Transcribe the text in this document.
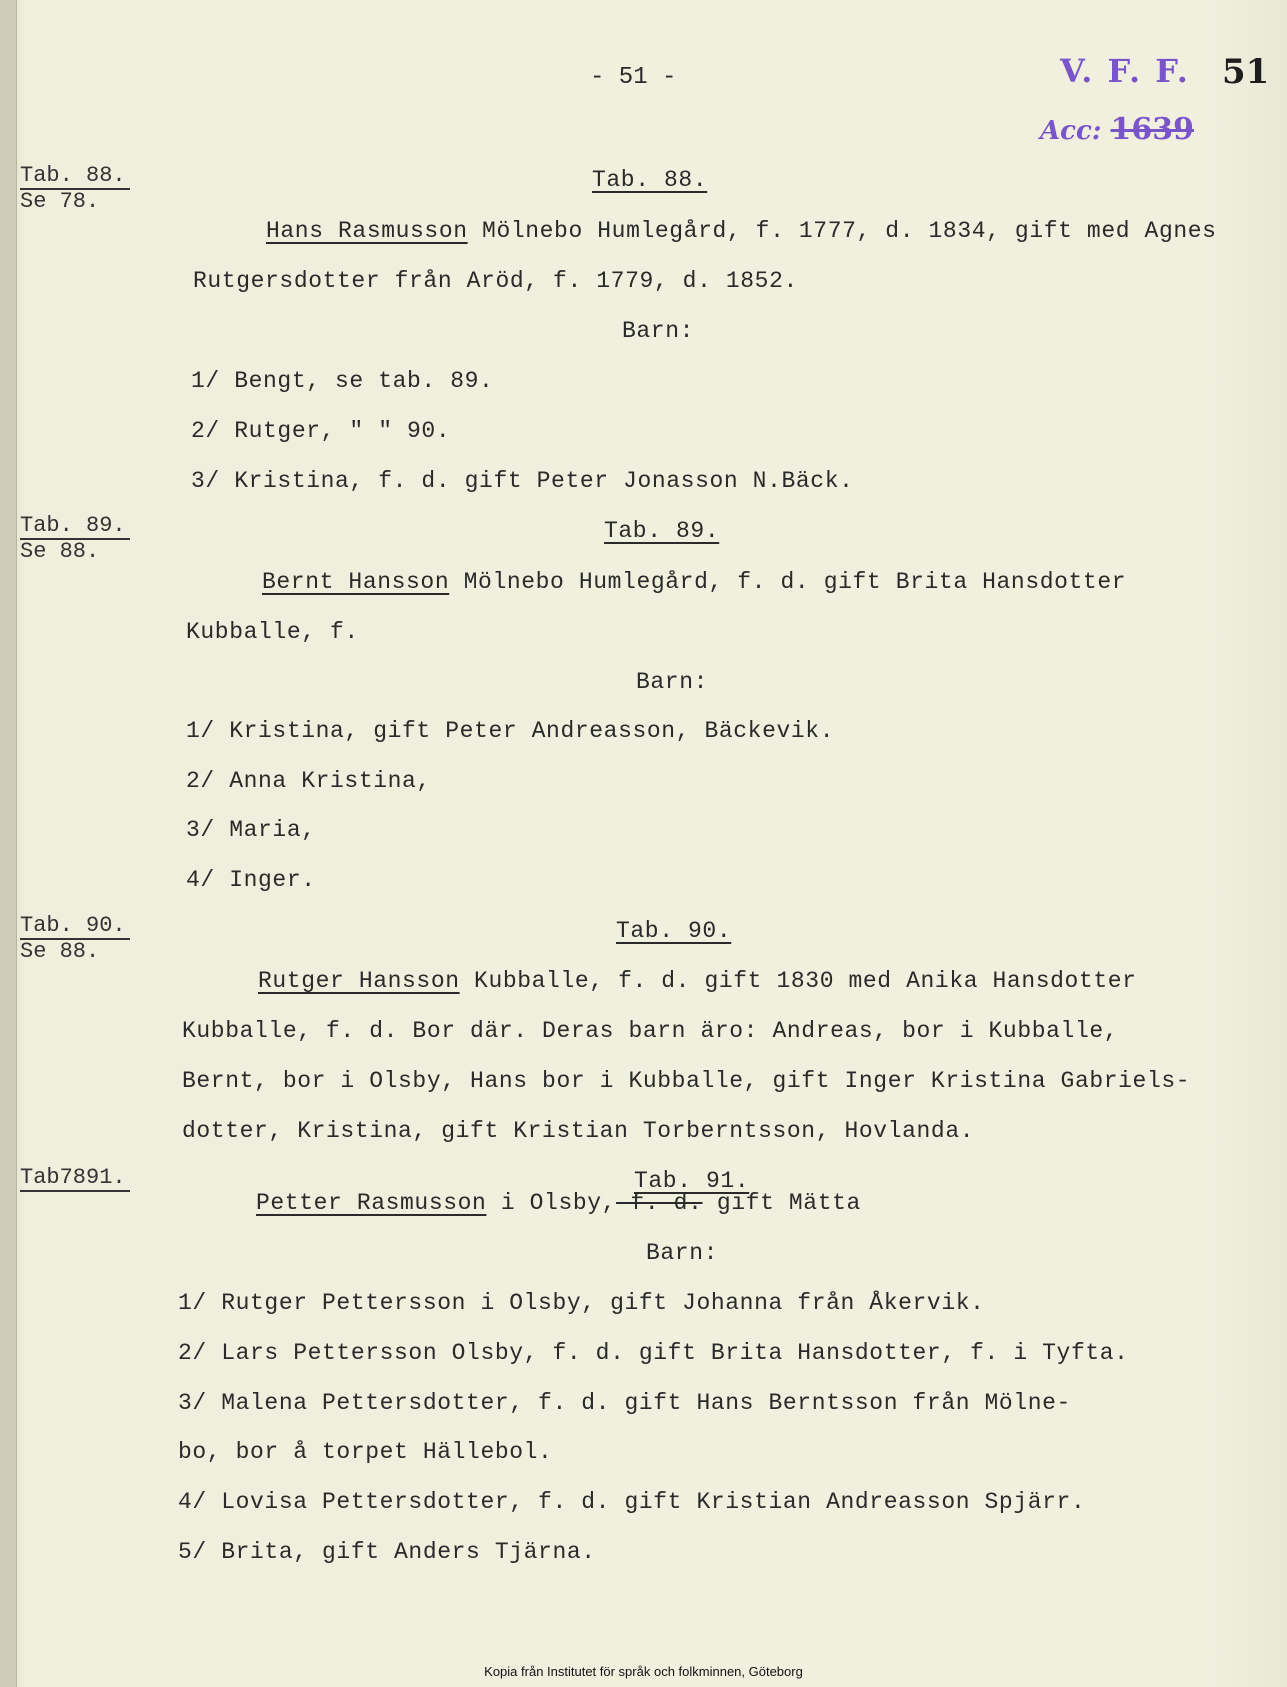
- 51 -	V. F. F.
Acc: 1639
51
Tab. 88.
Se 78.
Tab. 89.
Se 88.
Tab. 90.
Se 88.
Tab7891.
Tab. 88.
Hans Rasmusson Mölnebo Humlegård, f. 1777, d. 1834, gift med Agnes
Rutgersdotter från Aröd, f. 1779, d. 1852.
Barn:
1/ Bengt, se tab. 89.
2/ Rutger, " " 90.
3/ Kristina, f. d. gift Peter Jonasson N.Bäck.
Tab. 89.
Bernt Hansson Mölnebo Humlegård, f. d. gift Brita Hansdotter
Kubballe, f.
Barn:
1/ Kristina, gift Peter Andreasson, Bäckevik.
2/ Anna Kristina,
3/ Maria,
4/ Inger.
Tab. 90.
Rutger Hansson Kubballe, f. d. gift 1830 med Anika Hansdotter
Kubballe, f. d. Bor där. Deras barn äro: Andreas, bor i Kubballe,
Bernt, bor i Olsby, Hans bor i Kubballe, gift Inger Kristina Gabriels-
dotter, Kristina, gift Kristian Torberntsson, Hovlanda.
Tab. 91.
Petter Rasmusson i Olsby, f. d. gift Mätta
Barn:
1/ Rutger Pettersson i Olsby, gift Johanna från Åkervik.
2/ Lars Pettersson Olsby, f. d. gift Brita Hansdotter, f. i Tyfta.
3/ Malena Pettersdotter, f. d. gift Hans Berntsson från Mölne-
bo, bor å torpet Hällebol.
4/ Lovisa Pettersdotter, f. d. gift Kristian Andreasson Spjärr.
5/ Brita, gift Anders Tjärna.
Kopia från Institutet för språk och folkminnen, Göteborg
